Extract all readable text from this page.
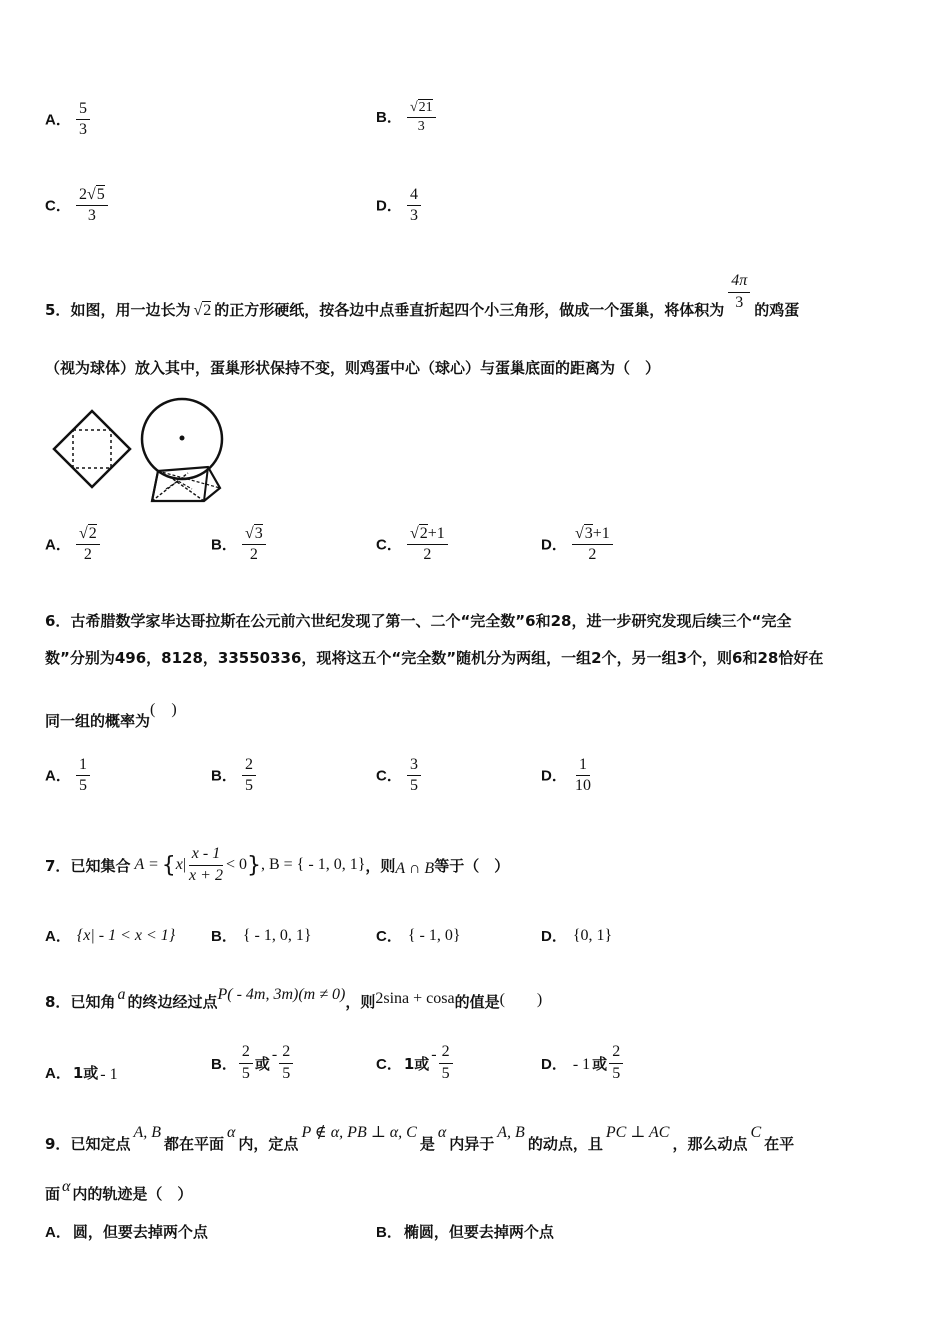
A． $\frac{5}{3}$	B． $\frac{√21}{3}$
C． $\frac{2√5}{3}$	D． $\frac{4}{3}$
5． 如图，用一边长为 √2 的正方形硬纸，按各边中点垂直折起四个小三角形，做成一个蛋巢，将体积为 $\frac{4\pi}{3}$ 的鸡蛋
（视为球体）放入其中，蛋巢形状保持不变，则鸡蛋中心（球心）与蛋巢底面的距离为（　）
A． $\frac{√2}{2}$	B． $\frac{√3}{2}$	C． $\frac{√2+1}{2}$	D． $\frac{√3+1}{2}$
6．古希腊数学家毕达哥拉斯在公元前六世纪发现了第一、二个“完全数”6和28，进一步研究发现后续三个“完全
数”分别为496，8128，33550336，现将这五个“完全数”随机分为两组，一组2个，另一组3个，则6和28恰好在
同一组的概率为(　)
A． $\frac{1}{5}$	B． $\frac{2}{5}$	C． $\frac{3}{5}$	D． $\frac{1}{10}$
7． 已知集合 A = { x | $\frac{x - 1}{x + 2} < 0$ } , B = { - 1, 0, 1} ，则 A ∩ B 等于（　）
A． {x| - 1 < x < 1} B． { - 1, 0, 1}	C． { - 1, 0}	D． {0, 1}
8． 已知角 a 的终边经过点 P( - 4m, 3m)(m ≠ 0) ，则 2sina + cosa 的值是 (　　)
A． 1或 - 1
B． $\frac{2}{5}$ 或 - $\frac{2}{5}$	C． 1或 - $\frac{2}{5}$	D． - 1 或 $\frac{2}{5}$
9． 已知定点
A, B
都在平面
α
内，定点
P ∉ α, PB ⊥ α, C
是
α
内异于
A, B
的动点，且
PC ⊥ AC
，那么动点
C
在平
面 α 内的轨迹是（　）
A． 圆，但要去掉两个点	B． 椭圆，但要去掉两个点
